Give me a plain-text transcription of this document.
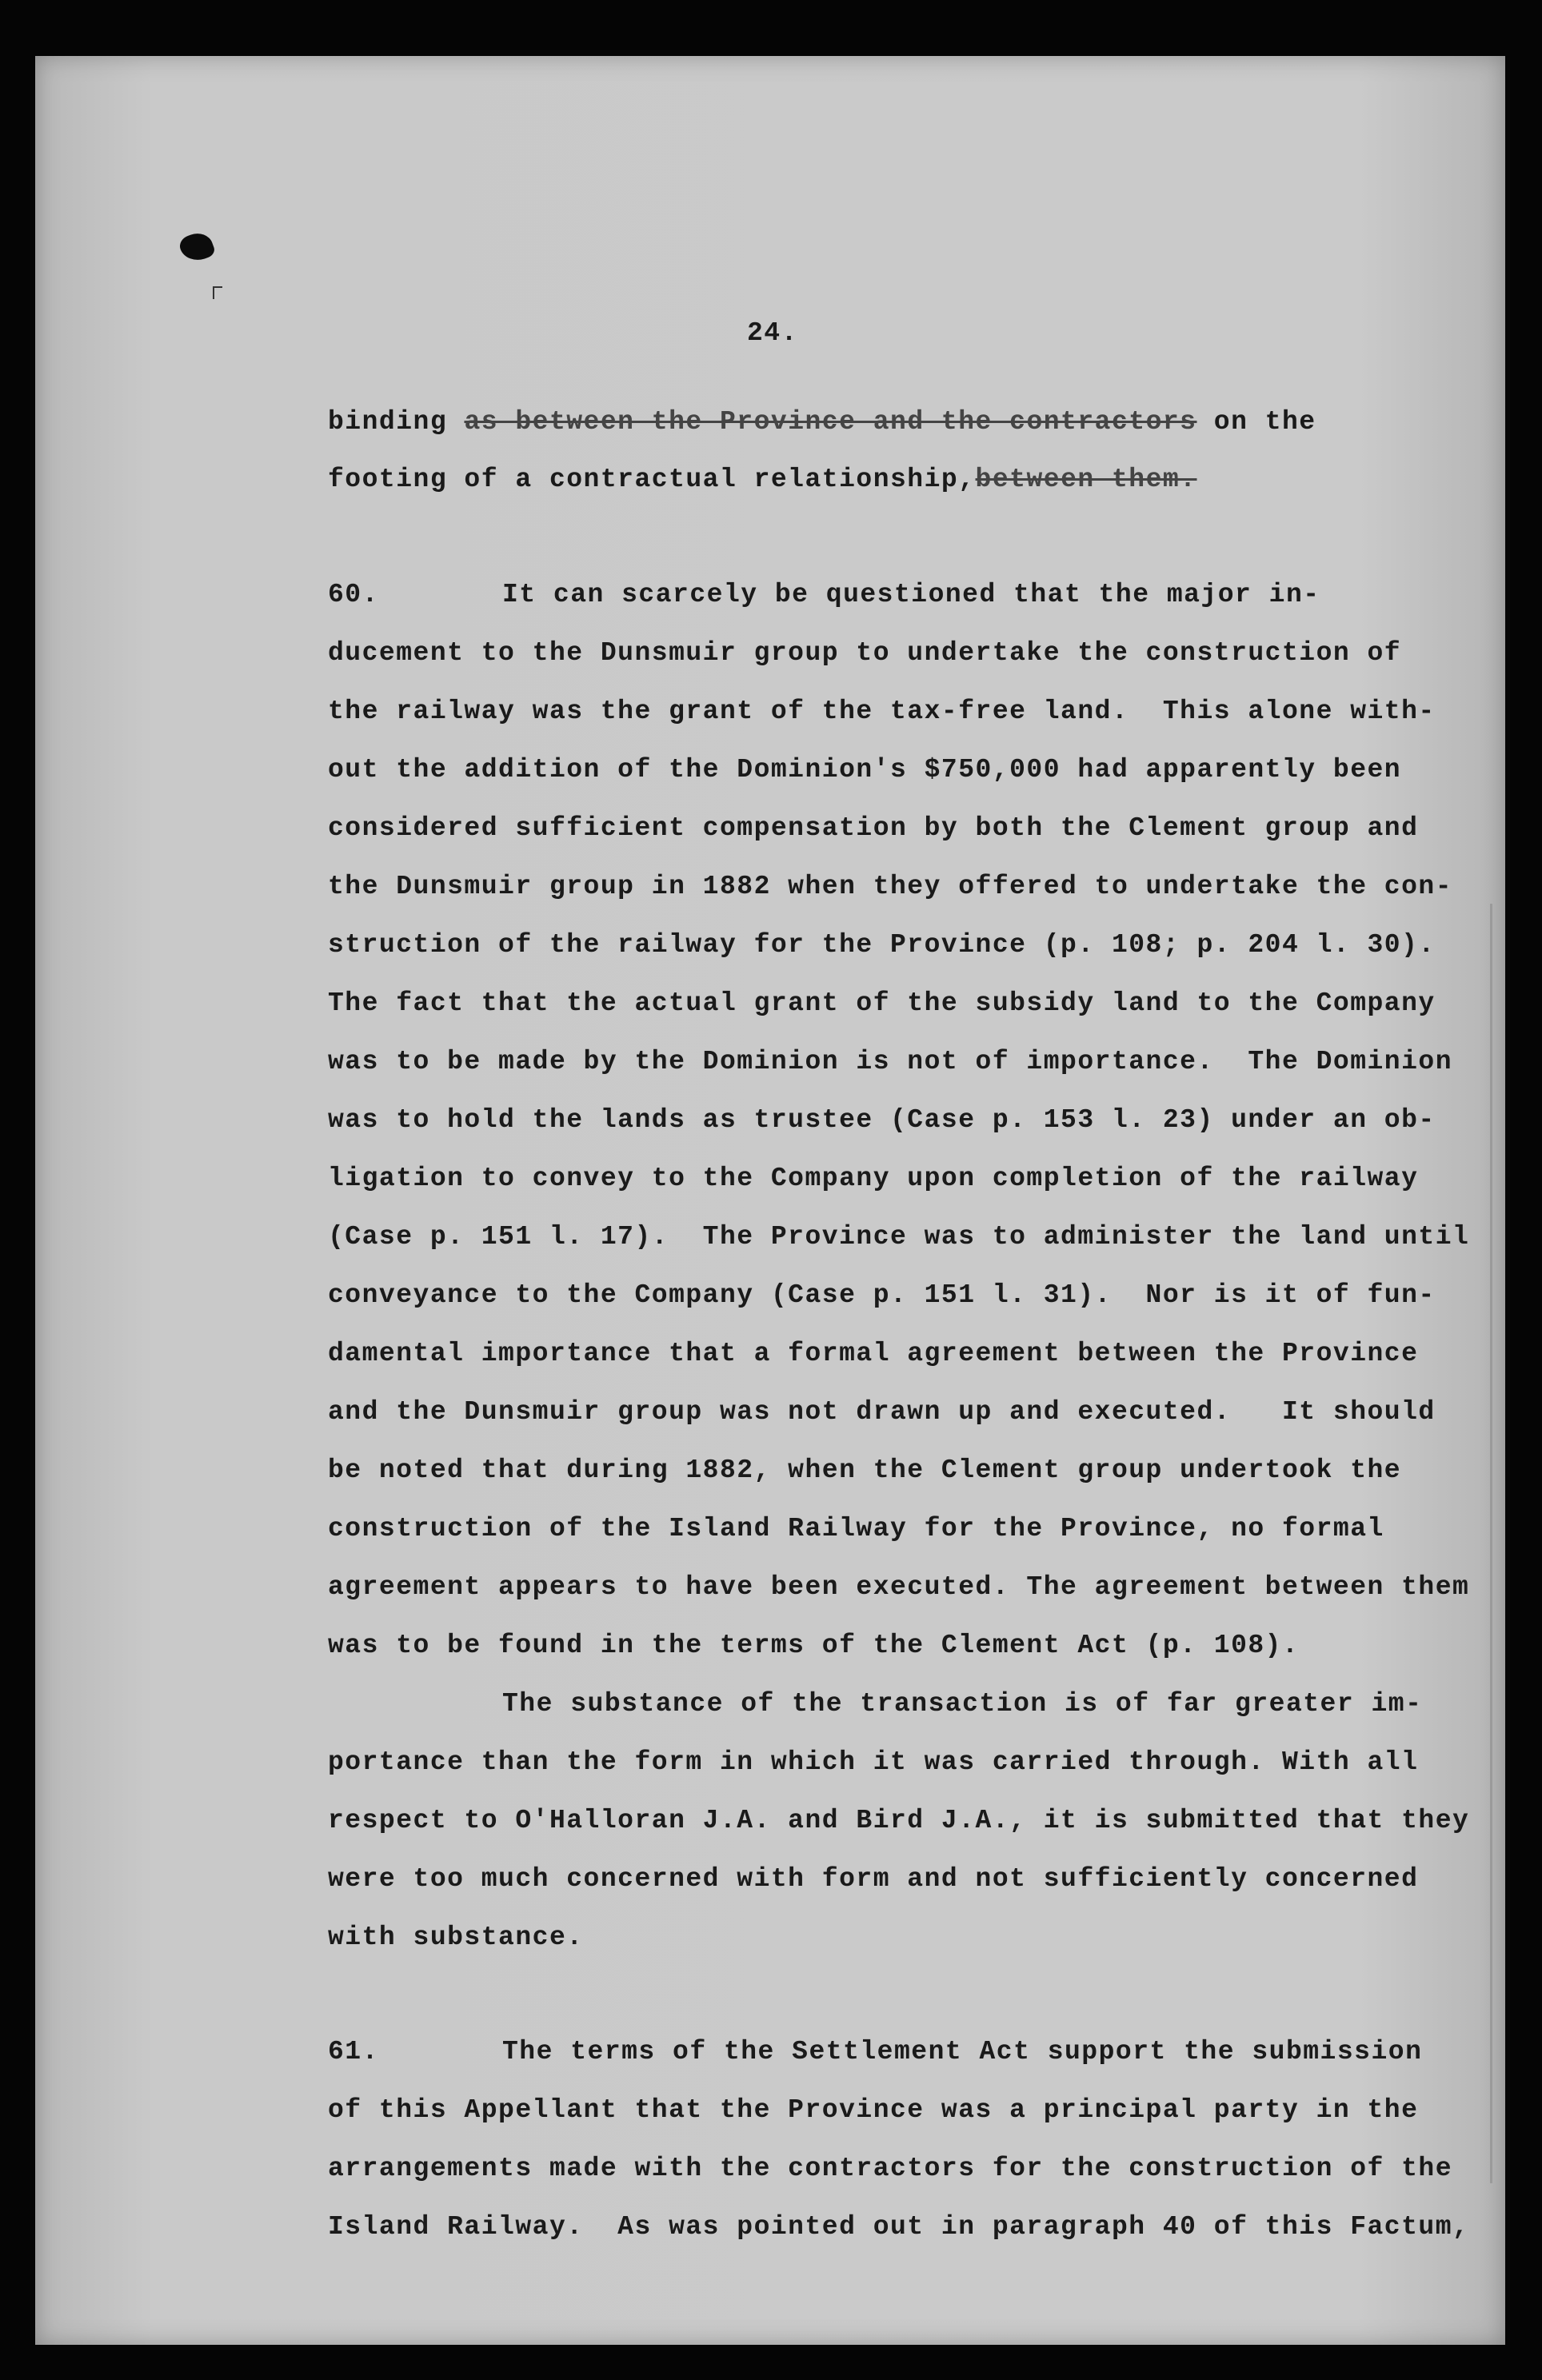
24.

binding as between the Province and the contractors on the

footing of a contractual relationship,between them.

60.	It can scarcely be questioned that the major in-

ducement to the Dunsmuir group to undertake the construction of

the railway was the grant of the tax-free land.  This alone with-

out the addition of the Dominion's $750,000 had apparently been

considered sufficient compensation by both the Clement group and

the Dunsmuir group in 1882 when they offered to undertake the con-

struction of the railway for the Province (p. 108; p. 204 l. 30).

The fact that the actual grant of the subsidy land to the Company

was to be made by the Dominion is not of importance.  The Dominion

was to hold the lands as trustee (Case p. 153 l. 23) under an ob-

ligation to convey to the Company upon completion of the railway

(Case p. 151 l. 17).  The Province was to administer the land until

conveyance to the Company (Case p. 151 l. 31).  Nor is it of fun-

damental importance that a formal agreement between the Province

and the Dunsmuir group was not drawn up and executed.   It should

be noted that during 1882, when the Clement group undertook the

construction of the Island Railway for the Province, no formal

agreement appears to have been executed. The agreement between them

was to be found in the terms of the Clement Act (p. 108).

The substance of the transaction is of far greater im-

portance than the form in which it was carried through. With all

respect to O'Halloran J.A. and Bird J.A., it is submitted that they

were too much concerned with form and not sufficiently concerned

with substance.

61.	The terms of the Settlement Act support the submission

of this Appellant that the Province was a principal party in the

arrangements made with the contractors for the construction of the

Island Railway.  As was pointed out in paragraph 40 of this Factum,
